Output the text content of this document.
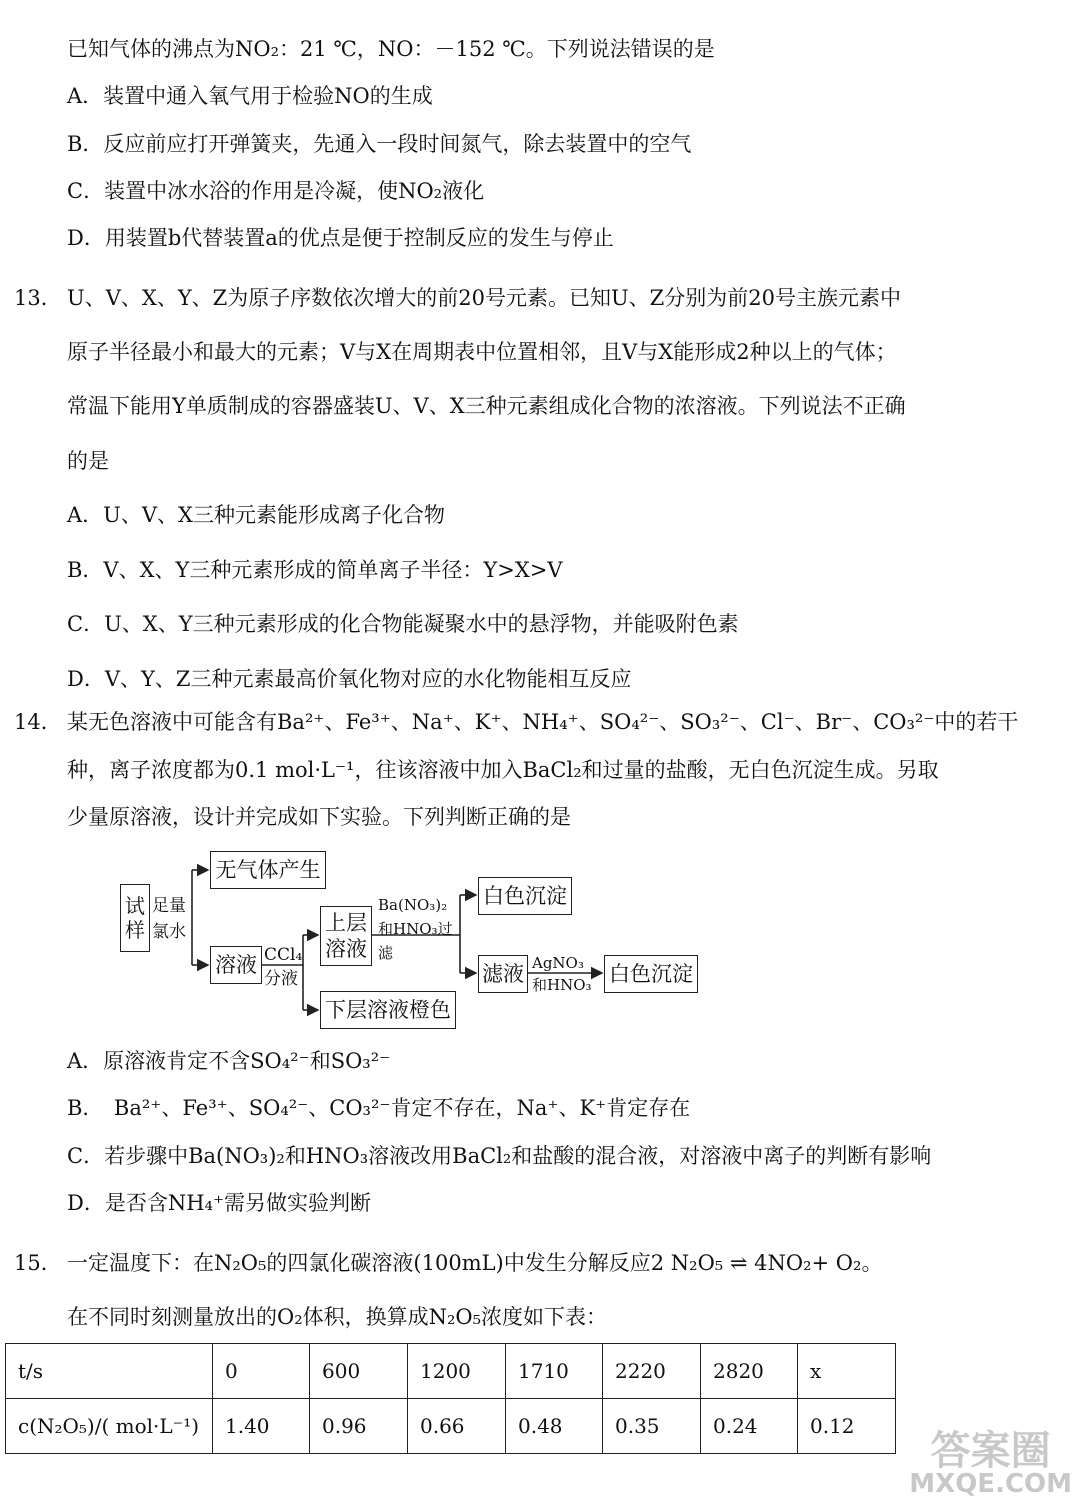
已知气体的沸点为NO₂：21 ℃，NO：－152 ℃。下列说法错误的是
A．装置中通入氧气用于检验NO的生成
B．反应前应打开弹簧夹，先通入一段时间氮气，除去装置中的空气
C．装置中冰水浴的作用是冷凝，使NO₂液化
D．用装置b代替装置a的优点是便于控制反应的发生与停止
13． U、V、X、Y、Z为原子序数依次增大的前20号元素。已知U、Z分别为前20号主族元素中
原子半径最小和最大的元素；V与X在周期表中位置相邻，且V与X能形成2种以上的气体；
常温下能用Y单质制成的容器盛装U、V、X三种元素组成化合物的浓溶液。下列说法不正确
的是
A．U、V、X三种元素能形成离子化合物
B．V、X、Y三种元素形成的简单离子半径：Y>X>V
C．U、X、Y三种元素形成的化合物能凝聚水中的悬浮物，并能吸附色素
D．V、Y、Z三种元素最高价氧化物对应的水化物能相互反应
14． 某无色溶液中可能含有Ba²⁺、Fe³⁺、Na⁺、K⁺、NH₄⁺、SO₄²⁻、SO₃²⁻、Cl⁻、Br⁻、CO₃²⁻中的若干
种，离子浓度都为0.1 mol·L⁻¹，往该溶液中加入BaCl₂和过量的盐酸，无白色沉淀生成。另取
少量原溶液，设计并完成如下实验。下列判断正确的是
试样
足量氯水
无气体产生
溶液 CCl₄分液
上层溶液
下层溶液橙色
Ba(NO₃)₂和HNO₃过滤
白色沉淀
滤液 AgNO₃和HNO₃ 白色沉淀
A．原溶液肯定不含SO₄²⁻和SO₃²⁻
B．　Ba²⁺、Fe³⁺、SO₄²⁻、CO₃²⁻肯定不存在，Na⁺、K⁺肯定存在
C．若步骤中Ba(NO₃)₂和HNO₃溶液改用BaCl₂和盐酸的混合液，对溶液中离子的判断有影响
D．是否含NH₄⁺需另做实验判断
15． 一定温度下：在N₂O₅的四氯化碳溶液(100mL)中发生分解反应2 N₂O₅ ⇌ 4NO₂+ O₂。
在不同时刻测量放出的O₂体积，换算成N₂O₅浓度如下表：
t/s	0	600	1200	1710	2220	2820	x
c(N₂O₅)/( mol·L⁻¹)	1.40	0.96	0.66	0.48	0.35	0.24	0.12
答案圈
MXQE.COM
